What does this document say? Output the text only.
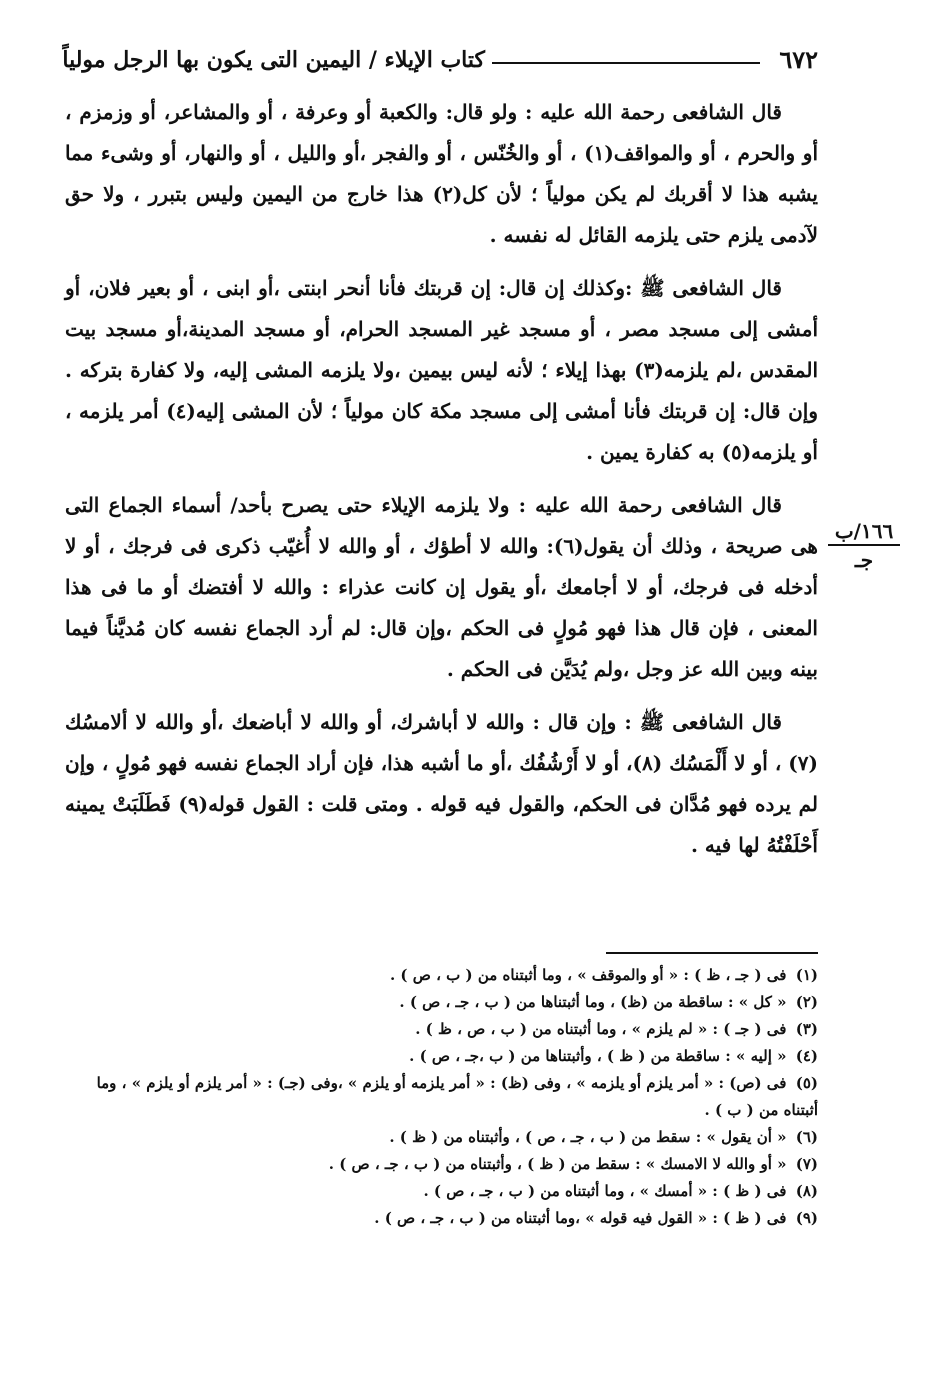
٦٧٢
كتاب الإيلاء / اليمين التى يكون بها الرجل مولياً
١٦٦/ب
جـ

قال الشافعى رحمة الله عليه : ولو قال: والكعبة أو وعرفة ، أو والمشاعر، أو وزمزم ، أو والحرم ، أو والمواقف(١) ، أو والخُنّس ، أو والفجر ،أو والليل ، أو والنهار، أو وشىء مما يشبه هذا لا أقربك لم يكن مولياً ؛ لأن كل(٢) هذا خارج من اليمين وليس بتبرر ، ولا حق لآدمى يلزم حتى يلزمه القائل له نفسه .

قال الشافعى ﷺ :وكذلك إن قال: إن قربتك فأنا أنحر ابنتى ،أو ابنى ، أو بعير فلان، أو أمشى إلى مسجد مصر ، أو مسجد غير المسجد الحرام، أو مسجد المدينة،أو مسجد بيت المقدس ،لم يلزمه(٣) بهذا إيلاء ؛ لأنه ليس بيمين ،ولا يلزمه المشى إليه، ولا كفارة بتركه . وإن قال: إن قربتك فأنا أمشى إلى مسجد مكة كان مولياً ؛ لأن المشى إليه(٤) أمر يلزمه ، أو يلزمه(٥) به كفارة يمين .

قال الشافعى رحمة الله عليه : ولا يلزمه الإيلاء حتى يصرح بأحد/ أسماء الجماع التى هى صريحة ، وذلك أن يقول(٦): والله لا أطؤك ، أو والله لا أُغيّب ذكرى فى فرجك ، أو لا أدخله فى فرجك، أو لا أجامعك ،أو يقول إن كانت عذراء : والله لا أفتضك أو ما فى هذا المعنى ، فإن قال هذا فهو مُولٍ فى الحكم ،وإن قال: لم أرد الجماع نفسه كان مُديَّناً فيما بينه وبين الله عز وجل ،ولم يُدَيَّن فى الحكم .

قال الشافعى ﷺ : وإن قال : والله لا أباشرك، أو والله لا أباضعك ،أو والله لا ألامسُك (٧) ، أو لا أَلْمَسُك (٨)، أو لا أَرْشُفُك ،أو ما أشبه هذا، فإن أراد الجماع نفسه فهو مُولٍ ، وإن لم يرده فهو مُدَّان فى الحكم، والقول فيه قوله . ومتى قلت : القول قوله(٩) فَطَلَبَتْ يمينه أَحْلَفْتُهُ لها فيه .

(١) فى ( جـ ، ظ ) : « أو والموقف » ، وما أثبتناه من ( ب ، ص ) .

(٢) « كل » : ساقطة من (ظ) ، وما أثبتناها من ( ب ، جـ ، ص ) .

(٣) فى ( جـ ) : « لم يلزم » ، وما أثبتناه من ( ب ، ص ، ظ ) .

(٤) « إليه » : ساقطة من ( ظ ) ، وأثبتناها من ( ب ،جـ ، ص ) .

(٥) فى (ص) : « أمر يلزم أو يلزمه » ، وفى (ظ) : « أمر يلزمه أو يلزم » ،وفى (جـ) : « أمر يلزم أو يلزم » ، وما أثبتناه من ( ب ) .

(٦) « أن يقول » : سقط من ( ب ، جـ ، ص ) ، وأثبتناه من ( ظ ) .

(٧) « أو والله لا الامسك » : سقط من ( ظ ) ، وأثبتناه من ( ب ، جـ ، ص ) .

(٨) فى ( ظ ) : « أمسك » ، وما أثبتناه من ( ب ، جـ ، ص ) .

(٩) فى ( ظ ) : « القول فيه قوله » ،وما أثبتناه من ( ب ، جـ ، ص ) .
